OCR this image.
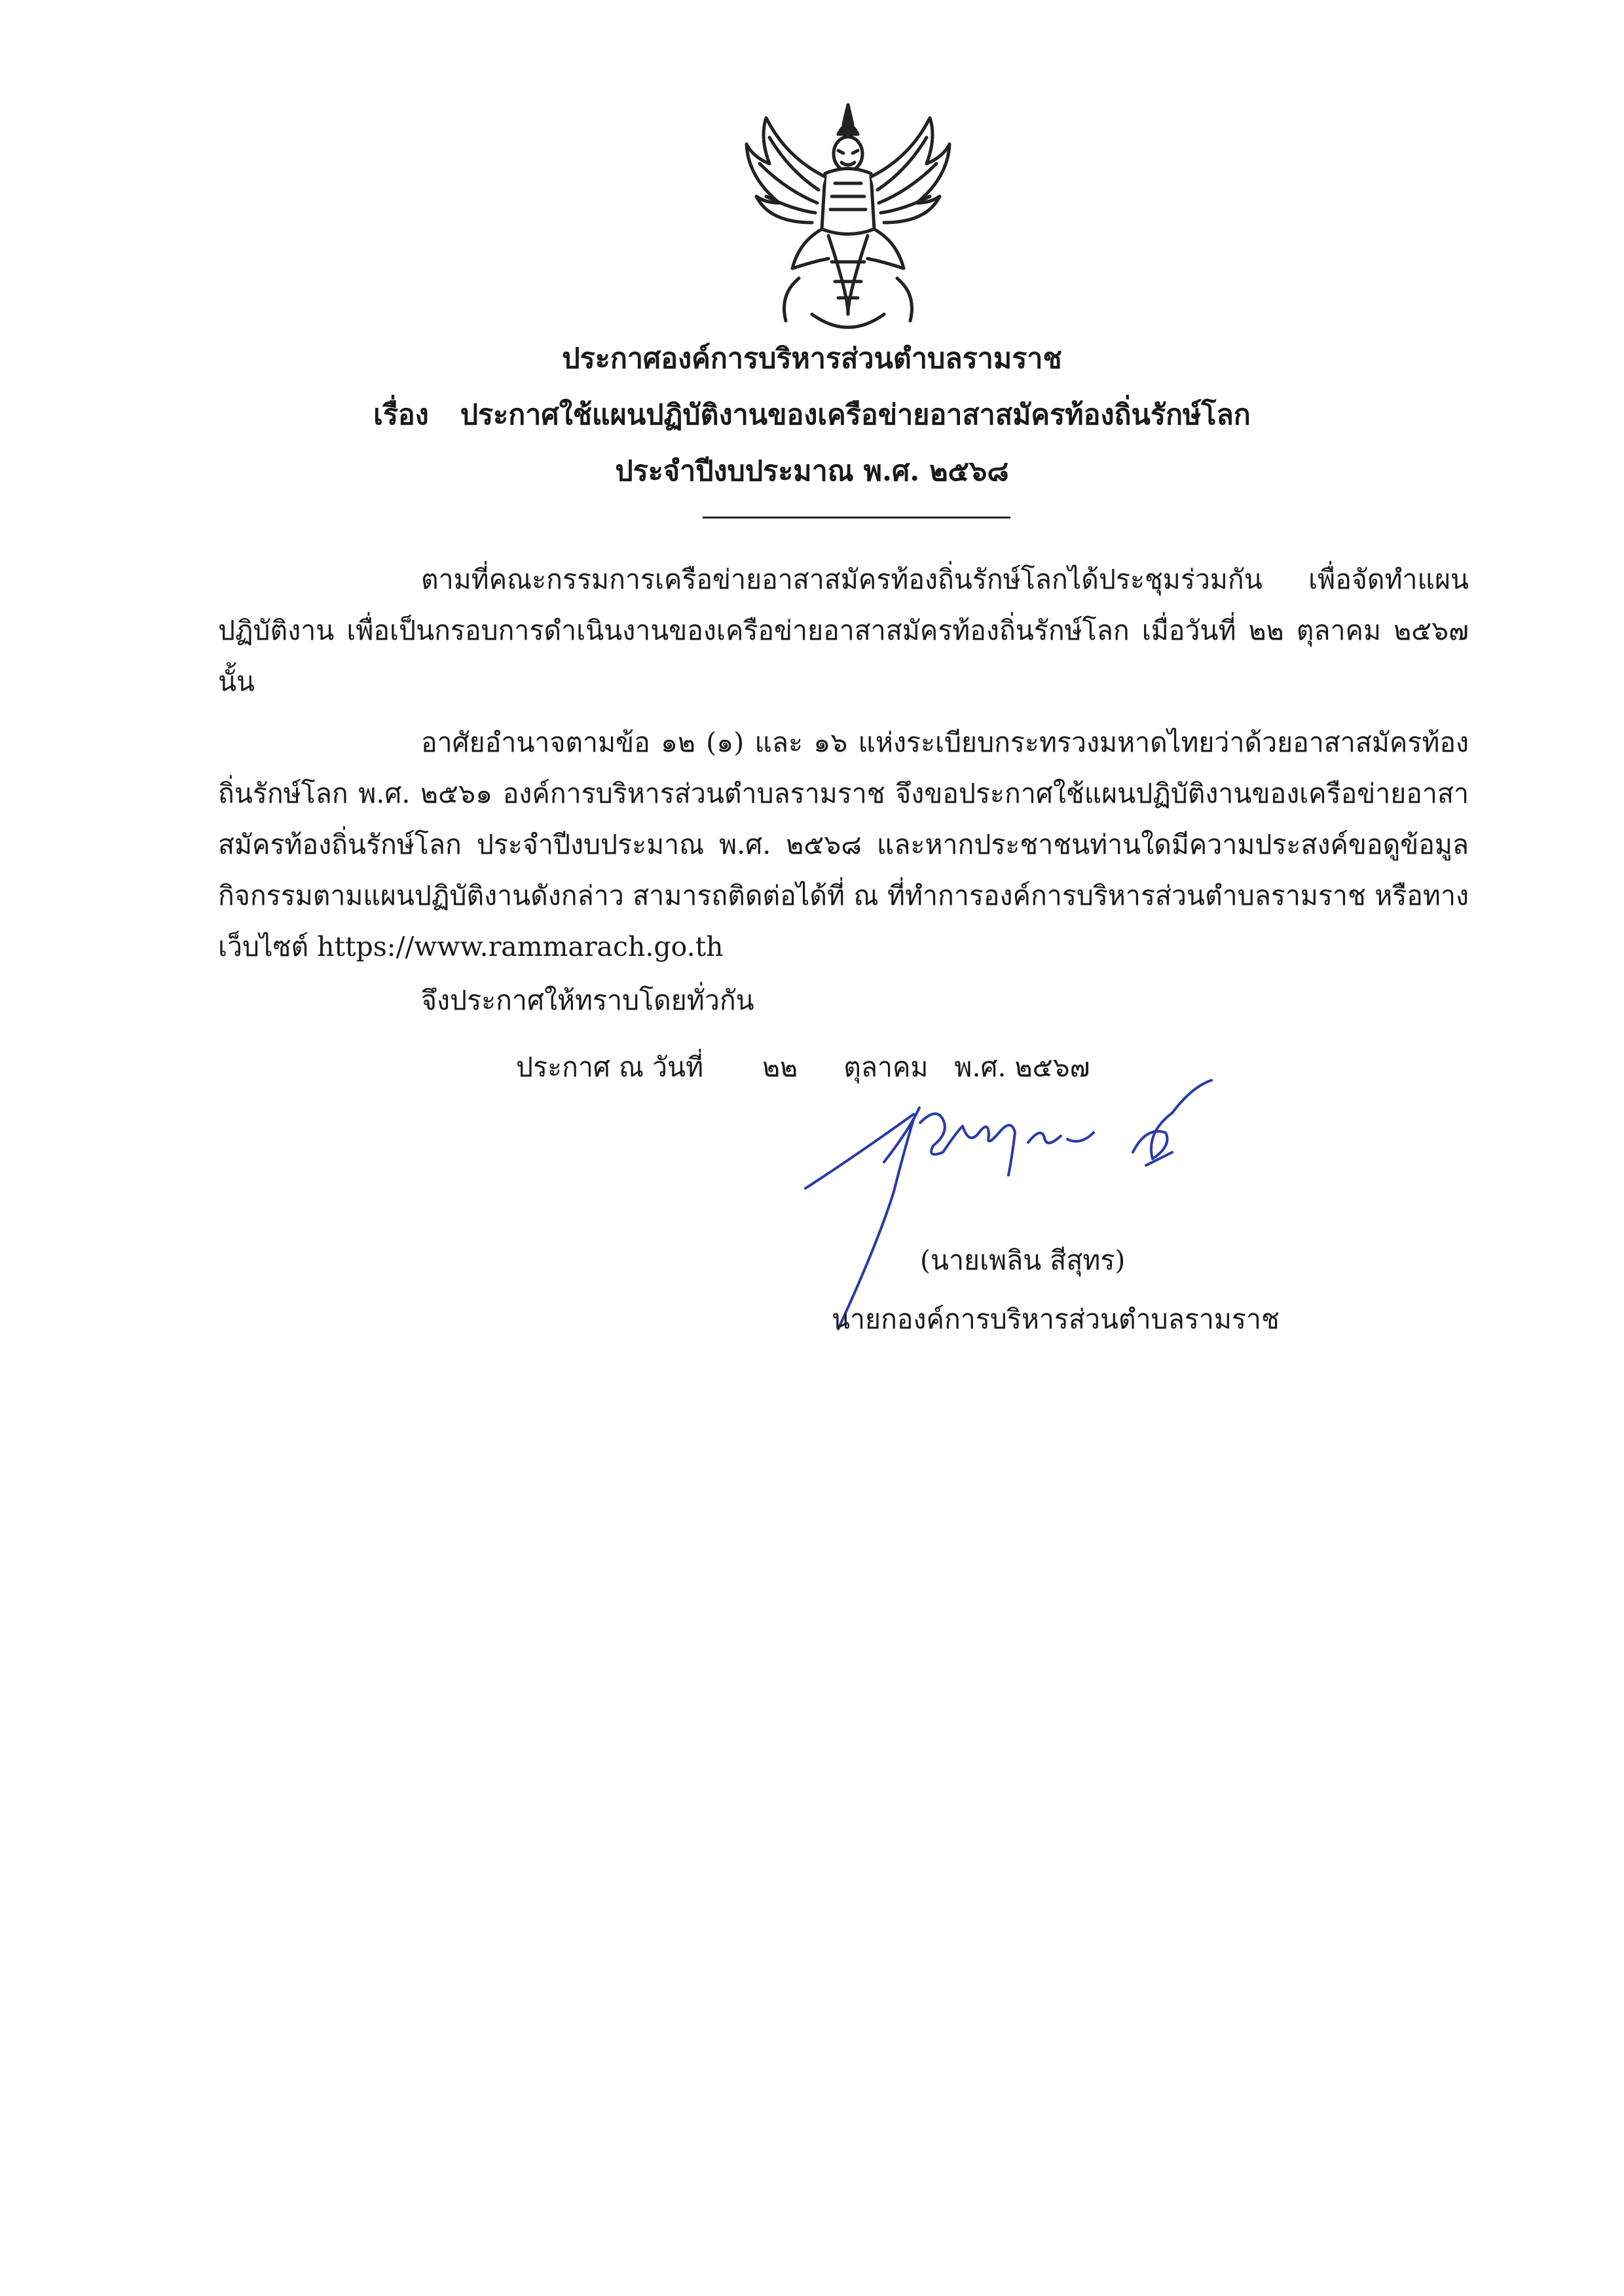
ประกาศองค์การบริหารส่วนตำบลรามราช
เรื่อง ประกาศใช้แผนปฏิบัติงานของเครือข่ายอาสาสมัครท้องถิ่นรักษ์โลก
ประจำปีงบประมาณ พ.ศ. ๒๕๖๘

ตามที่คณะกรรมการเครือข่ายอาสาสมัครท้องถิ่นรักษ์โลกได้ประชุมร่วมกัน เพื่อจัดทำแผนปฏิบัติงาน เพื่อเป็นกรอบการดำเนินงานของเครือข่ายอาสาสมัครท้องถิ่นรักษ์โลก เมื่อวันที่ ๒๒ ตุลาคม ๒๕๖๗ นั้น

อาศัยอำนาจตามข้อ ๑๒ (๑) และ ๑๖ แห่งระเบียบกระทรวงมหาดไทยว่าด้วยอาสาสมัครท้องถิ่นรักษ์โลก พ.ศ. ๒๕๖๑ องค์การบริหารส่วนตำบลรามราช จึงขอประกาศใช้แผนปฏิบัติงานของเครือข่ายอาสาสมัครท้องถิ่นรักษ์โลก ประจำปีงบประมาณ พ.ศ. ๒๕๖๘ และหากประชาชนท่านใดมีความประสงค์ขอดูข้อมูลกิจกรรมตามแผนปฏิบัติงานดังกล่าว สามารถติดต่อได้ที่ ณ ที่ทำการองค์การบริหารส่วนตำบลรามราช หรือทางเว็บไซต์ https://www.rammarach.go.th

จึงประกาศให้ทราบโดยทั่วกัน
ประกาศ ณ วันที่ ๒๒ ตุลาคม พ.ศ. ๒๕๖๗
(นายเพลิน สีสุทร)
นายกองค์การบริหารส่วนตำบลรามราช
